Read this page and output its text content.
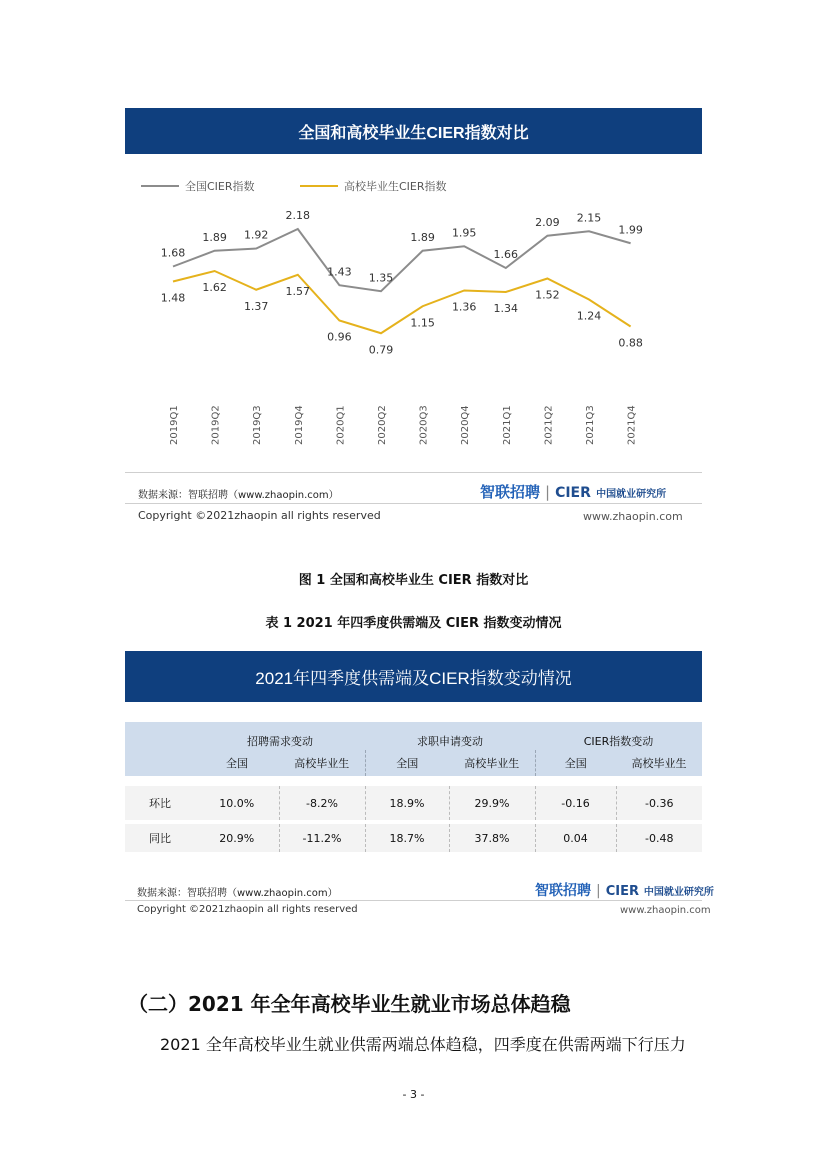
全国和高校毕业生CIER指数对比
全国CIER指数	高校毕业生CIER指数
1.68
1.89 1.92
2.18
1.43 1.35
1.89 1.95
1.66
2.09 2.15
1.99
1.48
1.62
1.37
1.57
0.96
0.79
1.15
1.36 1.34
1.52
1.24
0.88
2019Q1	2019Q2	2019Q3	2019Q4	2020Q1	2020Q2	2020Q3	2020Q4	2021Q1	2021Q2	2021Q3	2021Q4
数据来源：智联招聘（www.zhaopin.com）	智联招聘 | CIER 中国就业研究所
Copyright ©2021zhaopin all rights reserved	www.zhaopin.com
图 1 全国和高校毕业生 CIER 指数对比
表 1 2021 年四季度供需端及 CIER 指数变动情况
2021年四季度供需端及CIER指数变动情况
	招聘需求变动		求职申请变动		CIER指数变动	
	全国	高校毕业生	全国	高校毕业生	全国	高校毕业生

环比	10.0%	-8.2%	18.9%	29.9%	-0.16	-0.36

同比	20.9%	-11.2%	18.7%	37.8%	0.04	-0.48
数据来源：智联招聘（www.zhaopin.com）	智联招聘 | CIER 中国就业研究所
Copyright ©2021zhaopin all rights reserved	www.zhaopin.com
（二）2021 年全年高校毕业生就业市场总体趋稳
2021 全年高校毕业生就业供需两端总体趋稳，四季度在供需两端下行压力
- 3 -
